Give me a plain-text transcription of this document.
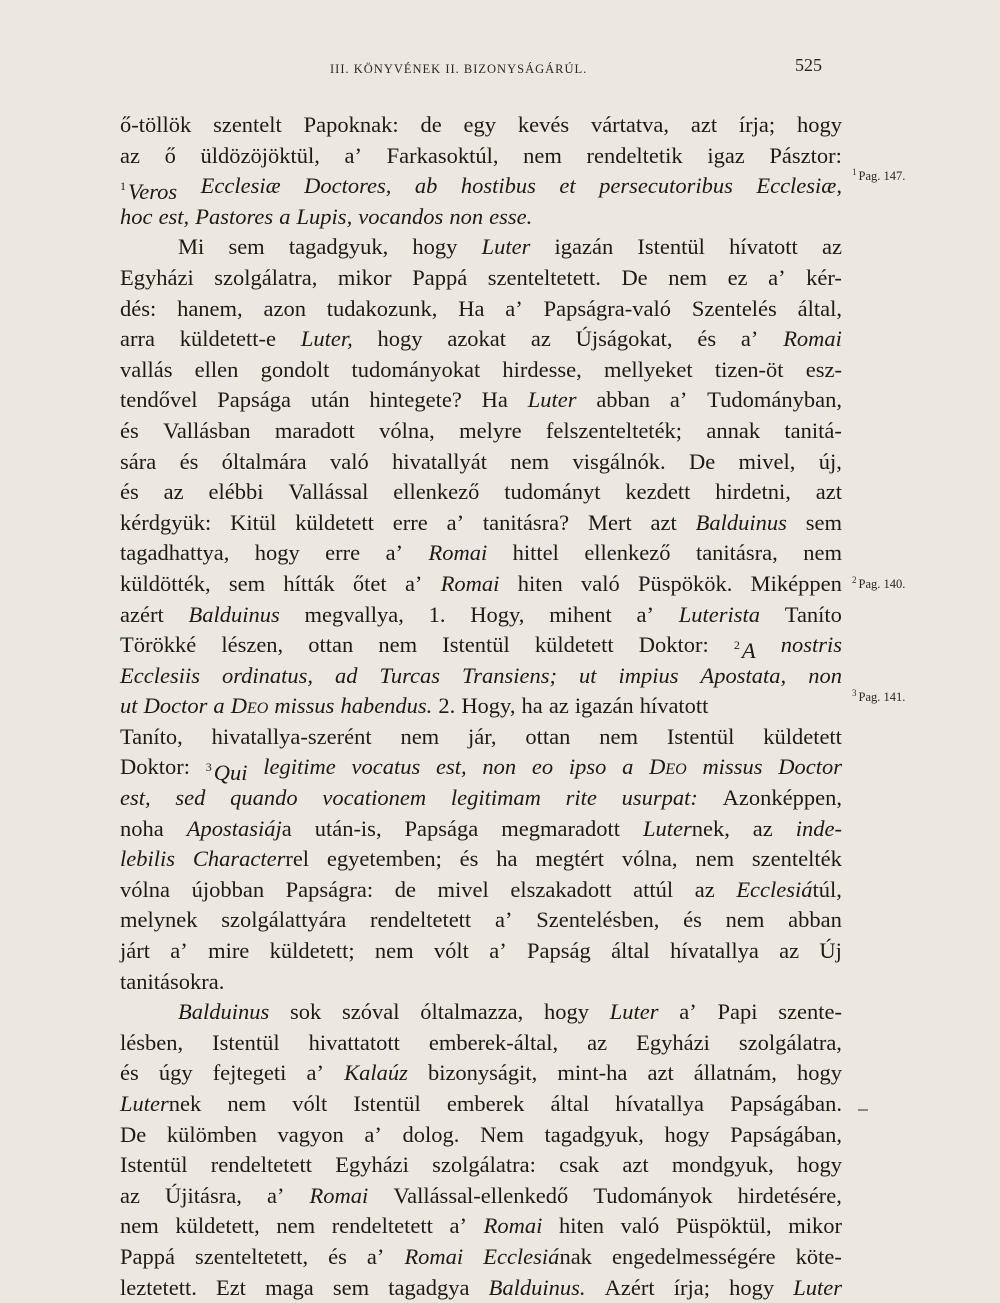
III. KÖNYVÉNEK II. BIZONYSÁGÁRÚL.	525
ő-töllök szentelt Papoknak: de egy kevés vártatva, azt írja; hogy
az ő üldözöjöktül, a’ Farkasoktúl, nem rendeltetik igaz Pásztor:
$^1$Veros Ecclesiæ Doctores, ab hostibus et persecutoribus Ecclesiæ,
hoc est, Pastores a Lupis, vocandos non esse.
Mi sem tagadgyuk, hogy Luter igazán Istentül hívatott az
Egyházi szolgálatra, mikor Pappá szenteltetett. De nem ez a’ kér-
dés: hanem, azon tudakozunk, Ha a’ Papságra-való Szentelés által,
arra küldetett-e Luter, hogy azokat az Újságokat, és a’ Romai
vallás ellen gondolt tudományokat hirdesse, mellyeket tizen-öt esz-
tendővel Papsága után hintegete? Ha Luter abban a’ Tudományban,
és Vallásban maradott vólna, melyre felszentelteték; annak tanitá-
sára és óltalmára való hivatallyát nem visgálnók. De mivel, új,
és az elébbi Vallással ellenkező tudományt kezdett hirdetni, azt
kérdgyük: Kitül küldetett erre a’ tanitásra? Mert azt Balduinus sem
tagadhattya, hogy erre a’ Romai hittel ellenkező tanitásra, nem
küldötték, sem hítták őtet a’ Romai hiten való Püspökök. Miképpen
azért Balduinus megvallya, 1. Hogy, mihent a’ Luterista Taníto
Törökké lészen, ottan nem Istentül küldetett Doktor: $^2$A nostris
Ecclesiis ordinatus, ad Turcas Transiens; ut impius Apostata, non
ut Doctor a Deo missus habendus. 2. Hogy, ha az igazán hívatott
Taníto, hivatallya-szerént nem jár, ottan nem Istentül küldetett
Doktor: $^3$Qui legitime vocatus est, non eo ipso a Deo missus Doctor
est, sed quando vocationem legitimam rite usurpat: Azonképpen,
noha Apostasiája után-is, Papsága megmaradott Luternek, az inde-
lebilis Characterrel egyetemben; és ha megtért vólna, nem szentelték
vólna újobban Papságra: de mivel elszakadott attúl az Ecclesiátúl,
melynek szolgálattyára rendeltetett a’ Szentelésben, és nem abban
járt a’ mire küldetett; nem vólt a’ Papság által hívatallya az Új
tanitásokra.
Balduinus sok szóval óltalmazza, hogy Luter a’ Papi szente-
lésben, Istentül hivattatott emberek-által, az Egyházi szolgálatra,
és úgy fejtegeti a’ Kalaúz bizonyságit, mint-ha azt állatnám, hogy
Luternek nem vólt Istentül emberek által hívatallya Papságában.
De külömben vagyon a’ dolog. Nem tagadgyuk, hogy Papságában,
Istentül rendeltetett Egyházi szolgálatra: csak azt mondgyuk, hogy
az Újitásra, a’ Romai Vallással-ellenkedő Tudományok hirdetésére,
nem küldetett, nem rendeltetett a’ Romai hiten való Püspöktül, mikor
Pappá szenteltetett, és a’ Romai Ecclesiának engedelmességére köte-
leztetett. Ezt maga sem tagadgya Balduinus. Azért írja; hogy Luter
$^1$ Pag. 147.
$^2$ Pag. 140.
$^3$ Pag. 141.
